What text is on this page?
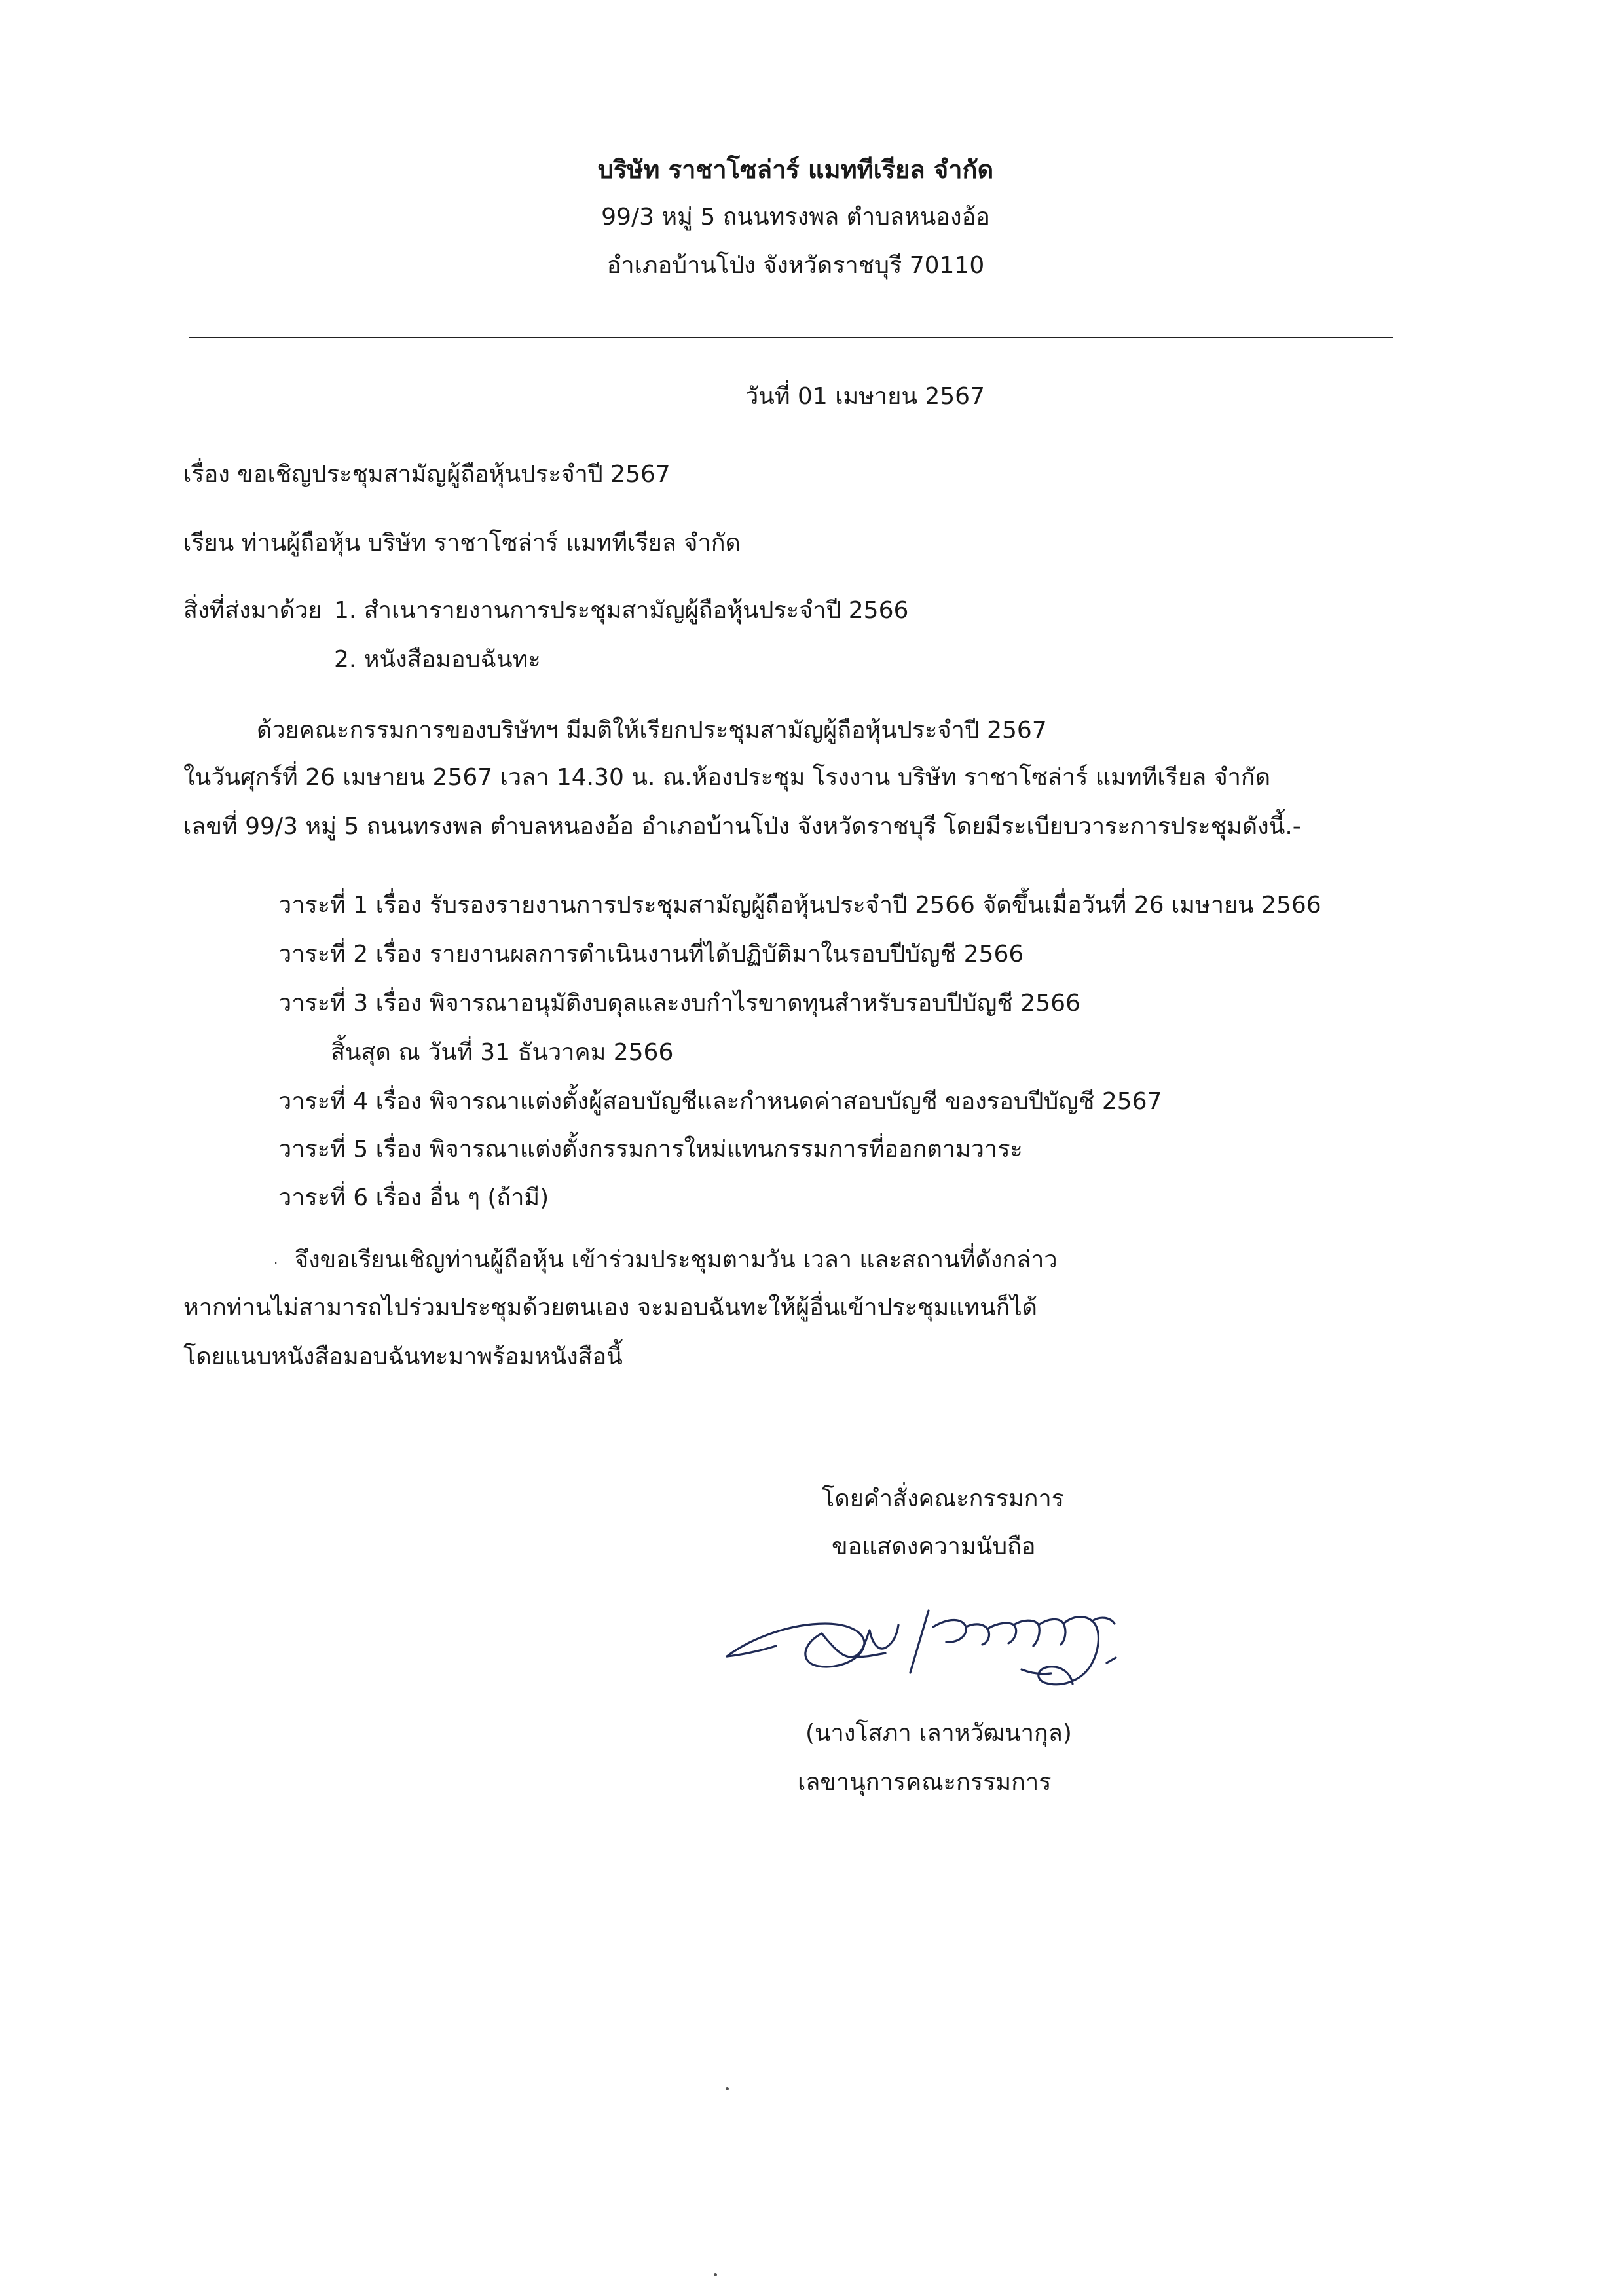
บริษัท ราชาโซล่าร์ แมททีเรียล จำกัด
99/3 หมู่ 5 ถนนทรงพล ตำบลหนองอ้อ
อำเภอบ้านโป่ง จังหวัดราชบุรี 70110
วันที่ 01 เมษายน 2567
เรื่อง ขอเชิญประชุมสามัญผู้ถือหุ้นประจำปี 2567
เรียน ท่านผู้ถือหุ้น บริษัท ราชาโซล่าร์ แมททีเรียล จำกัด
สิ่งที่ส่งมาด้วย 1. สำเนารายงานการประชุมสามัญผู้ถือหุ้นประจำปี 2566
2. หนังสือมอบฉันทะ
ด้วยคณะกรรมการของบริษัทฯ มีมติให้เรียกประชุมสามัญผู้ถือหุ้นประจำปี 2567
ในวันศุกร์ที่ 26 เมษายน 2567 เวลา 14.30 น. ณ.ห้องประชุม โรงงาน บริษัท ราชาโซล่าร์ แมททีเรียล จำกัด
เลขที่ 99/3 หมู่ 5 ถนนทรงพล ตำบลหนองอ้อ อำเภอบ้านโป่ง จังหวัดราชบุรี โดยมีระเบียบวาระการประชุมดังนี้.-
วาระที่ 1 เรื่อง รับรองรายงานการประชุมสามัญผู้ถือหุ้นประจำปี 2566 จัดขึ้นเมื่อวันที่ 26 เมษายน 2566
วาระที่ 2 เรื่อง รายงานผลการดำเนินงานที่ได้ปฏิบัติมาในรอบปีบัญชี 2566
วาระที่ 3 เรื่อง พิจารณาอนุมัติงบดุลและงบกำไรขาดทุนสำหรับรอบปีบัญชี 2566
สิ้นสุด ณ วันที่ 31 ธันวาคม 2566
วาระที่ 4 เรื่อง พิจารณาแต่งตั้งผู้สอบบัญชีและกำหนดค่าสอบบัญชี ของรอบปีบัญชี 2567
วาระที่ 5 เรื่อง พิจารณาแต่งตั้งกรรมการใหม่แทนกรรมการที่ออกตามวาระ
วาระที่ 6 เรื่อง อื่น ๆ (ถ้ามี)
· จึงขอเรียนเชิญท่านผู้ถือหุ้น เข้าร่วมประชุมตามวัน เวลา และสถานที่ดังกล่าว
หากท่านไม่สามารถไปร่วมประชุมด้วยตนเอง จะมอบฉันทะให้ผู้อื่นเข้าประชุมแทนก็ได้
โดยแนบหนังสือมอบฉันทะมาพร้อมหนังสือนี้
โดยคำสั่งคณะกรรมการ
ขอแสดงความนับถือ
(นางโสภา เลาหวัฒนากุล)
เลขานุการคณะกรรมการ
